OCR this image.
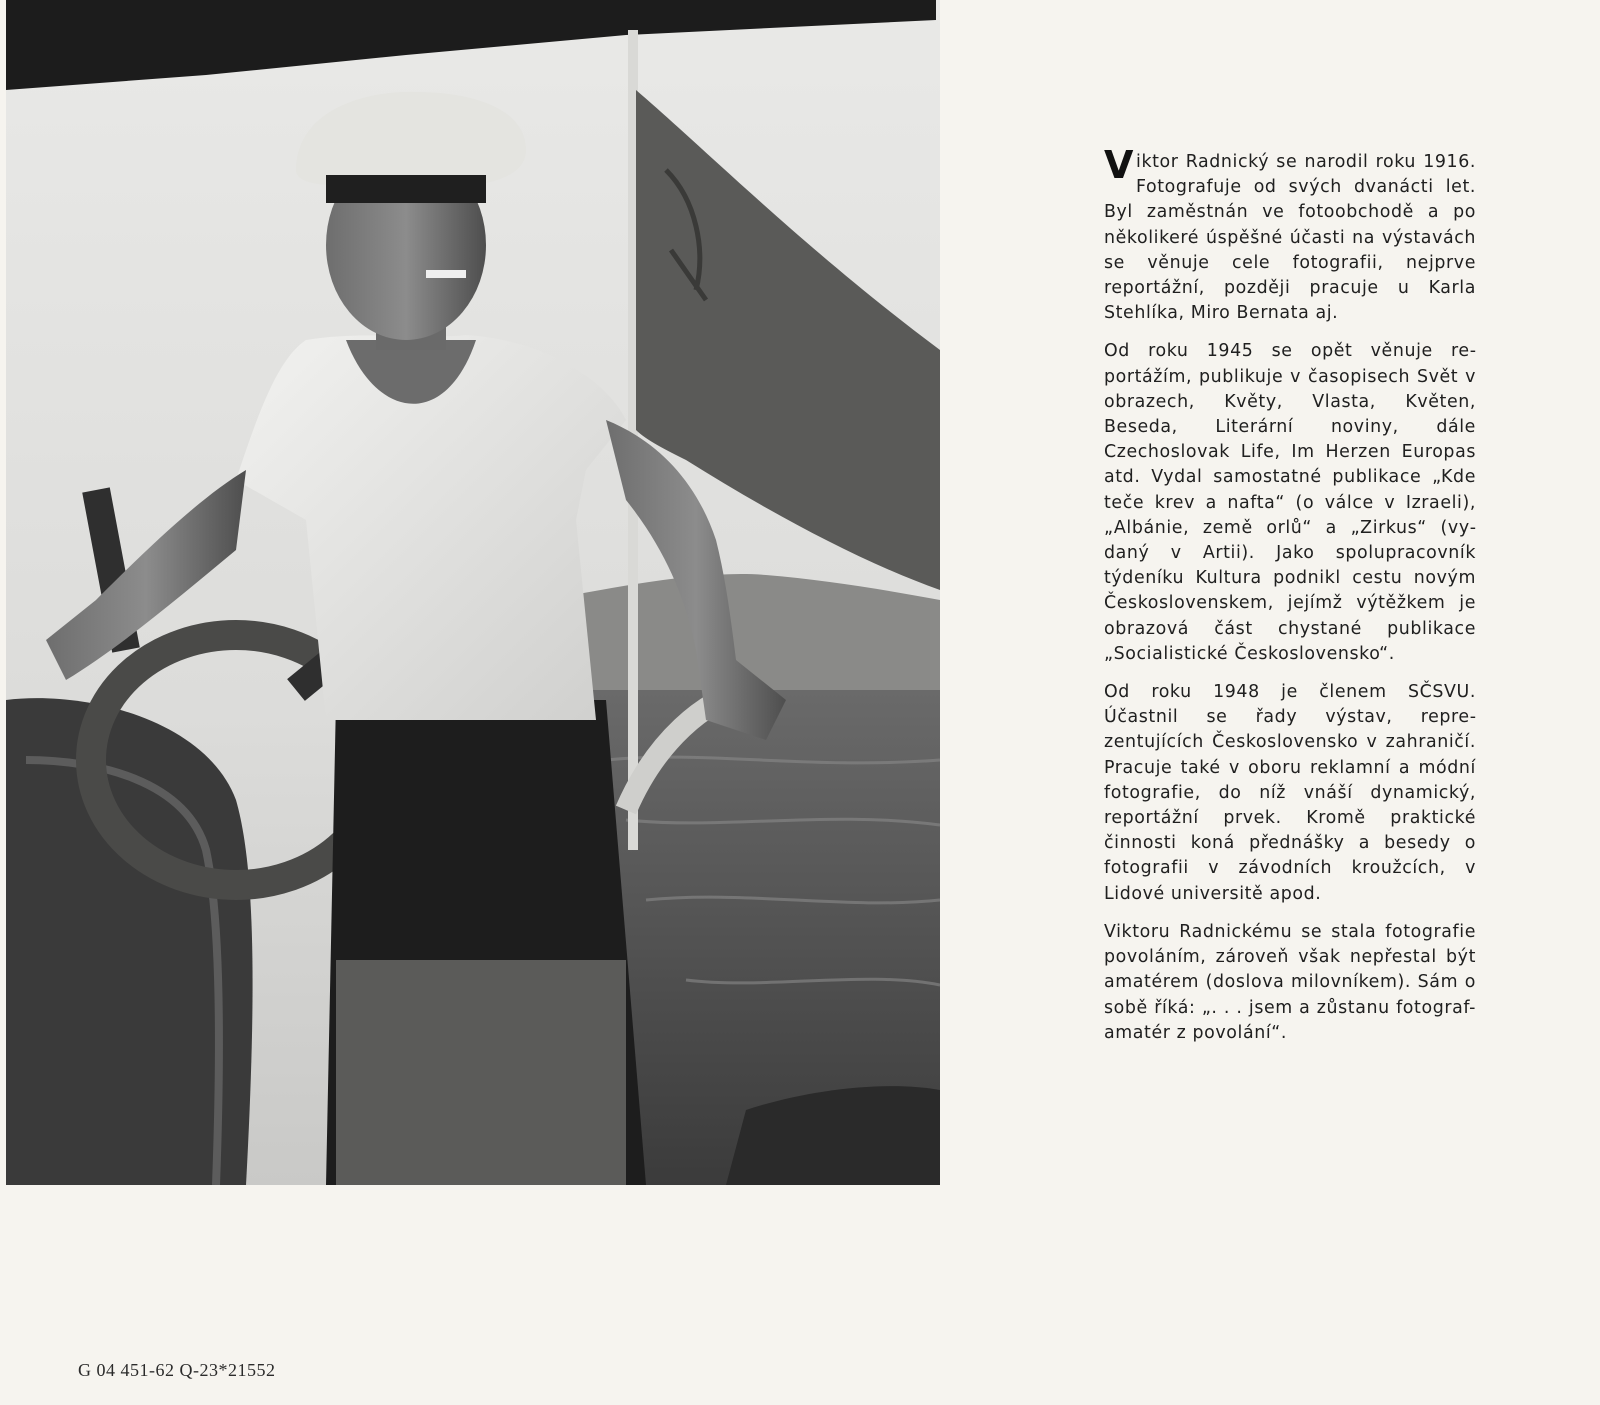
Viktor Radnický se narodil roku 1916. Fotografuje od svých dvanácti let. Byl zaměstnán ve fotoobchodě a po několikeré úspěšné účasti na výstavách se věnuje cele fotografii, nejprve reportážní, později pracuje u Karla Stehlíka, Miro Bernata aj.

Od roku 1945 se opět věnuje reportážím, publikuje v časopisech Svět v obrazech, Květy, Vlasta, Květen, Beseda, Literární noviny, dále Czechoslovak Life, Im Herzen Europas atd. Vydal samostatné publikace „Kde teče krev a nafta“ (o válce v Izraeli), „Albánie, země orlů“ a „Zirkus“ (vydaný v Artii). Jako spolupracovník týdeníku Kultura podnikl cestu novým Československem, jejímž výtěžkem je obrazová část chystané publikace „Socialistické Československo“.

Od roku 1948 je členem SČSVU. Účastnil se řady výstav, reprezentujících Československo v zahraničí. Pracuje také v oboru reklamní a módní fotografie, do níž vnáší dynamický, reportážní prvek. Kromě praktické činnosti koná přednášky a besedy o fotografii v závodních kroužcích, v Lidové universitě apod.

Viktoru Radnickému se stala fotografie povoláním, zároveň však nepřestal být amatérem (doslova milovníkem). Sám o sobě říká: „. . . jsem a zůstanu fotograf-amatér z povolání“.

G 04 451-62 Q-23*21552
